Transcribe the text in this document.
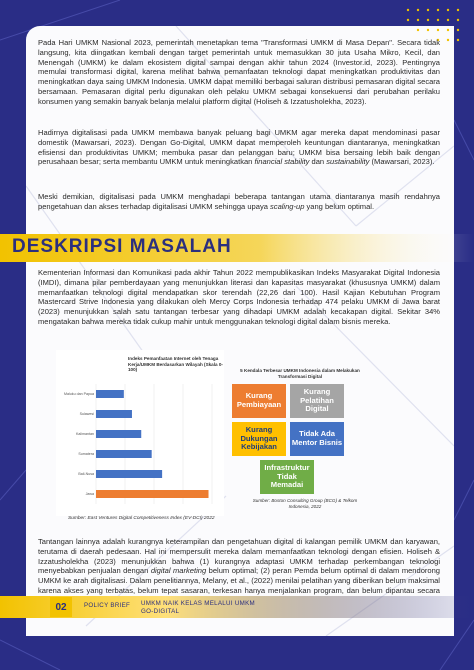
Pada Hari UMKM Nasional 2023, pemerintah menetapkan tema "Transformasi UMKM di Masa Depan". Secara tidak langsung, kita diingatkan kembali dengan target pemerintah untuk memasukkan 30 juta Usaha Mikro, Kecil, dan Menengah (UMKM) ke dalam ekosistem digital sampai dengan akhir tahun 2024 (Investor.id, 2023). Pentingnya memulai transformasi digital, karena melihat bahwa pemanfaatan teknologi dapat meningkatkan produktivitas dan meningkatkan daya saing UMKM Indonesia. UMKM dapat memiliki berbagai saluran distribusi pemasaran digital secara bersamaan. Pemasaran digital perlu digunakan oleh pelaku UMKM sebagai konsekuensi dari perubahan perilaku konsumen yang semakin banyak belanja melalui platform digital (Holiseh & Izzatusholekha, 2023).

Hadirnya digitalisasi pada UMKM membawa banyak peluang bagi UMKM agar mereka dapat mendominasi pasar domestik (Mawarsari, 2023). Dengan Go-Digital, UMKM dapat memperoleh keuntungan diantaranya, meningkatkan efisiensi dan produktivitas UMKM; membuka pasar dan pelanggan baru; UMKM bisa bersaing lebih baik dengan perusahaan besar; serta membantu UMKM untuk meningkatkan financial stability dan sustainability (Mawarsari, 2023).

Meski demikian, digitalisasi pada UMKM menghadapi beberapa tantangan utama diantaranya masih rendahnya pengetahuan dan akses terhadap digitalisasi UMKM sehingga upaya scaling-up yang belum optimal.

DESKRIPSI MASALAH

Kementerian Informasi dan Komunikasi pada akhir Tahun 2022 mempublikasikan Indeks Masyarakat Digital Indonesia (IMDI), dimana pilar pemberdayaan yang menunjukkan literasi dan kapasitas masyarakat (khususnya UMKM) dalam memanfaatkan teknologi digital mendapatkan skor terendah (22,26 dari 100). Hasil Kajian Kebutuhan Program Mastercard Strive Indonesia yang dilakukan oleh Mercy Corps Indonesia terhadap 474 pelaku UMKM di Jawa barat (2023) menunjukkan salah satu tantangan terbesar yang dihadapi UMKM adalah kecakapan digital. Sekitar 34% mengatakan bahwa mereka tidak cukup mahir untuk menggunakan teknologi digital dalam bisnis mereka.

Indeks Pemanfaatan Internet oleh Tenaga Kerja/UMKM Berdasarkan Wilayah (Skala 0-100)
Maluku dan Papua
Sulawesi
Kalimantan
Sumatera
Bali-Nusa
Jawa
Sumber: East Ventures Digital Competitiveness Index (EV-DCI) 2022
5 Kendala Terbesar UMKM Indonesia dalam Melakukan Transformasi Digital
Kurang Pembiayaan
Kurang Pelatihan Digital
Kurang Dukungan Kebijakan
Tidak Ada Mentor Bisnis
Infrastruktur Tidak Memadai
Sumber: Boston Consulting Group (BCG) & Telkom Indonesia, 2022

Tantangan lainnya adalah kurangnya keterampilan dan pengetahuan digital di kalangan pemilik UMKM dan karyawan, terutama di daerah pedesaan. Hal ini mempersulit mereka dalam memanfaatkan teknologi dengan efisien. Holiseh & Izzatusholekha (2023) menunjukkan bahwa (1) kurangnya adaptasi UMKM terhadap perkembangan teknologi menyebabkan penjualan dengan digital marketing belum optimal; (2) peran Pemda belum optimal di dalam mendorong UMKM ke arah digitalisasi. Dalam penelitiannya, Melany, et al., (2022) menilai pelatihan yang diberikan belum maksimal karena akses yang terbatas, belum tepat sasaran, terkesan hanya menjalankan program, dan belum dipantau secara

02	POLICY BRIEF UMKM NAIK KELAS MELALUI UMKM
GO-DIGITAL
